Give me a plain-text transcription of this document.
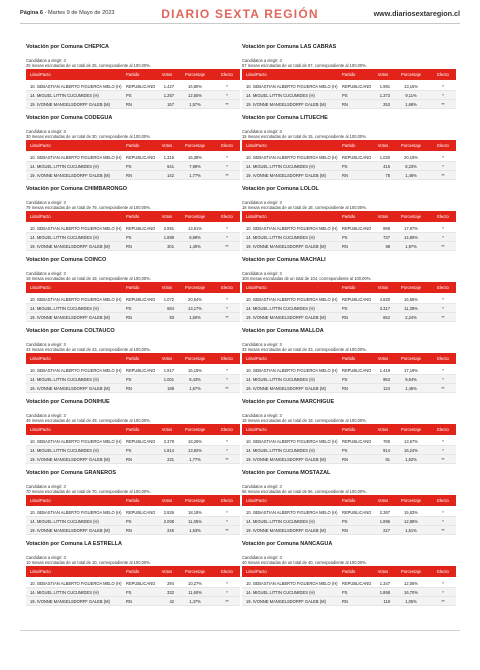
Página 6 - Martes 9 de Mayo de 2023	DIARIO SEXTA REGIÓN	www.diariosextaregion.cl
Votación por Comuna CHÉPICA
Candidatos a elegir: 3
25 mesas escrutadas de un total de 25, correspondiente al 100,00%.
Lista/Pacto	Partido	Votos	Porcentaje	Electo
10. SEBASTIAN ALBERTO FIGUEROA MELO (H)	REPUBLICANO	1.427	16,80%	*
14. MIGUEL LITTIN CUCUMIDES (H)	PS	1.257	12,60%	*
19. IVONNE MANGELSDORFF GALEB (M)	RN	157	1,57%	**
Votación por Comuna CODEGUA
Candidatos a elegir: 3
30 mesas escrutadas de un total de 30, correspondiente al 100,00%.
Lista/Pacto	Partido	Votos	Porcentaje	Electo
10. SEBASTIAN ALBERTO FIGUEROA MELO (H)	REPUBLICANO	1.315	16,38%	*
14. MIGUEL LITTIN CUCUMIDES (H)	PS	641	7,99%	*
19. IVONNE MANGELSDORFF GALEB (M)	RN	142	1,77%	**
Votación por Comuna CHIMBARONGO
Candidatos a elegir: 3
79 mesas escrutadas de un total de 79, correspondiente al 100,00%.
Lista/Pacto	Partido	Votos	Porcentaje	Electo
10. SEBASTIAN ALBERTO FIGUEROA MELO (H)	REPUBLICANO	2.891	13,61%	*
14. MIGUEL LITTIN CUCUMIDES (H)	PS	1.889	8,89%	*
19. IVONNE MANGELSDORFF GALEB (M)	RN	301	1,40%	**
Votación por Comuna COINCO
Candidatos a elegir: 3
19 mesas escrutadas de un total de 19, correspondiente al 100,00%.
Lista/Pacto	Partido	Votos	Porcentaje	Electo
10. SEBASTIAN ALBERTO FIGUEROA MELO (H)	REPUBLICANO	1.072	20,64%	*
14. MIGUEL LITTIN CUCUMIDES (H)	PS	684	13,17%	*
19. IVONNE MANGELSDORFF GALEB (M)	RN	83	1,60%	**
Votación por Comuna COLTAUCO
Candidatos a elegir: 3
43 mesas escrutadas de un total de 43, correspondiente al 100,00%.
Lista/Pacto	Partido	Votos	Porcentaje	Electo
10. SEBASTIAN ALBERTO FIGUEROA MELO (H)	REPUBLICANO	1.917	16,15%	*
14. MIGUEL LITTIN CUCUMIDES (H)	PS	1.001	8,43%	*
19. IVONNE MANGELSDORFF GALEB (M)	RN	198	1,67%	**
Votación por Comuna DOÑIHUE
Candidatos a elegir: 3
49 mesas escrutadas de un total de 49, correspondiente al 100,00%.
Lista/Pacto	Partido	Votos	Porcentaje	Electo
10. SEBASTIAN ALBERTO FIGUEROA MELO (H)	REPUBLICANO	2.379	18,26%	*
14. MIGUEL LITTIN CUCUMIDES (H)	PS	1.814	13,92%	*
19. IVONNE MANGELSDORFF GALEB (M)	RN	231	1,77%	**
Votación por Comuna GRANEROS
Candidatos a elegir: 3
70 mesas escrutadas de un total de 70, correspondiente al 100,00%.
Lista/Pacto	Partido	Votos	Porcentaje	Electo
10. SEBASTIAN ALBERTO FIGUEROA MELO (H)	REPUBLICANO	2.826	18,18%	*
14. MIGUEL LITTIN CUCUMIDES (H)	PS	2.008	11,05%	*
19. IVONNE MANGELSDORFF GALEB (M)	RN	246	1,53%	**
Votación por Comuna LA ESTRELLA
Candidatos a elegir: 3
10 mesas escrutadas de un total de 10, correspondiente al 100,00%.
Lista/Pacto	Partido	Votos	Porcentaje	Electo
10. SEBASTIAN ALBERTO FIGUEROA MELO (H)	REPUBLICANO	294	10,27%	*
14. MIGUEL LITTIN CUCUMIDES (H)	PS	332	11,60%	*
19. IVONNE MANGELSDORFF GALEB (M)	RN	42	1,47%	**
Votación por Comuna LAS CABRAS
Candidatos a elegir: 3
57 mesas escrutadas de un total de 57, correspondiente al 100,00%.
Lista/Pacto	Partido	Votos	Porcentaje	Electo
10. SEBASTIAN ALBERTO FIGUEROA MELO (H)	REPUBLICANO	1.981	13,15%	*
14. MIGUEL LITTIN CUCUMIDES (H)	PS	1.373	9,11%	*
19. IVONNE MANGELSDORFF GALEB (M)	RN	253	1,68%	**
Votación por Comuna LITUECHE
Candidatos a elegir: 3
15 mesas escrutadas de un total de 15, correspondiente al 100,00%.
Lista/Pacto	Partido	Votos	Porcentaje	Electo
10. SEBASTIAN ALBERTO FIGUEROA MELO (H)	REPUBLICANO	1.020	20,19%	*
14. MIGUEL LITTIN CUCUMIDES (H)	PS	416	8,23%	*
19. IVONNE MANGELSDORFF GALEB (M)	RN	75	1,48%	**
Votación por Comuna LOLOL
Candidatos a elegir: 3
18 mesas escrutadas de un total de 18, correspondiente al 100,00%.
Lista/Pacto	Partido	Votos	Porcentaje	Electo
10. SEBASTIAN ALBERTO FIGUEROA MELO (H)	REPUBLICANO	898	17,97%	*
14. MIGUEL LITTIN CUCUMIDES (H)	PS	737	14,80%	*
19. IVONNE MANGELSDORFF GALEB (M)	RN	98	1,97%	**
Votación por Comuna MACHALÍ
Candidatos a elegir: 3
104 mesas escrutadas de un total de 104, correspondiente al 100,00%.
Lista/Pacto	Partido	Votos	Porcentaje	Electo
10. SEBASTIAN ALBERTO FIGUEROA MELO (H)	REPUBLICANO	4.820	16,55%	*
14. MIGUEL LITTIN CUCUMIDES (H)	PS	3.317	11,39%	*
19. IVONNE MANGELSDORFF GALEB (M)	RN	652	2,24%	**
Votación por Comuna MALLOA
Candidatos a elegir: 3
33 mesas escrutadas de un total de 33, correspondiente al 100,00%.
Lista/Pacto	Partido	Votos	Porcentaje	Electo
10. SEBASTIAN ALBERTO FIGUEROA MELO (H)	REPUBLICANO	1.419	17,19%	*
14. MIGUEL LITTIN CUCUMIDES (H)	PS	953	9,54%	*
19. IVONNE MANGELSDORFF GALEB (M)	RN	124	1,45%	**
Votación por Comuna MARCHIGÜE
Candidatos a elegir: 3
19 mesas escrutadas de un total de 19, correspondiente al 100,00%.
Lista/Pacto	Partido	Votos	Porcentaje	Electo
10. SEBASTIAN ALBERTO FIGUEROA MELO (H)	REPUBLICANO	780	13,67%	*
14. MIGUEL LITTIN CUCUMIDES (H)	PS	914	16,24%	*
19. IVONNE MANGELSDORFF GALEB (M)	RN	81	1,52%	**
Votación por Comuna MOSTAZAL
Candidatos a elegir: 3
56 mesas escrutadas de un total de 56, correspondiente al 100,00%.
Lista/Pacto	Partido	Votos	Porcentaje	Electo
10. SEBASTIAN ALBERTO FIGUEROA MELO (H)	REPUBLICANO	2.387	15,83%	*
14. MIGUEL LITTIN CUCUMIDES (H)	PS	1.895	12,88%	*
19. IVONNE MANGELSDORFF GALEB (M)	RN	227	1,51%	**
Votación por Comuna NANCAGUA
Candidatos a elegir: 3
40 mesas escrutadas de un total de 40, correspondiente al 100,00%.
Lista/Pacto	Partido	Votos	Porcentaje	Electo
10. SEBASTIAN ALBERTO FIGUEROA MELO (H)	REPUBLICANO	1.347	12,05%	*
14. MIGUEL LITTIN CUCUMIDES (H)	PS	1.868	16,70%	*
19. IVONNE MANGELSDORFF GALEB (M)	RN	119	1,06%	**
